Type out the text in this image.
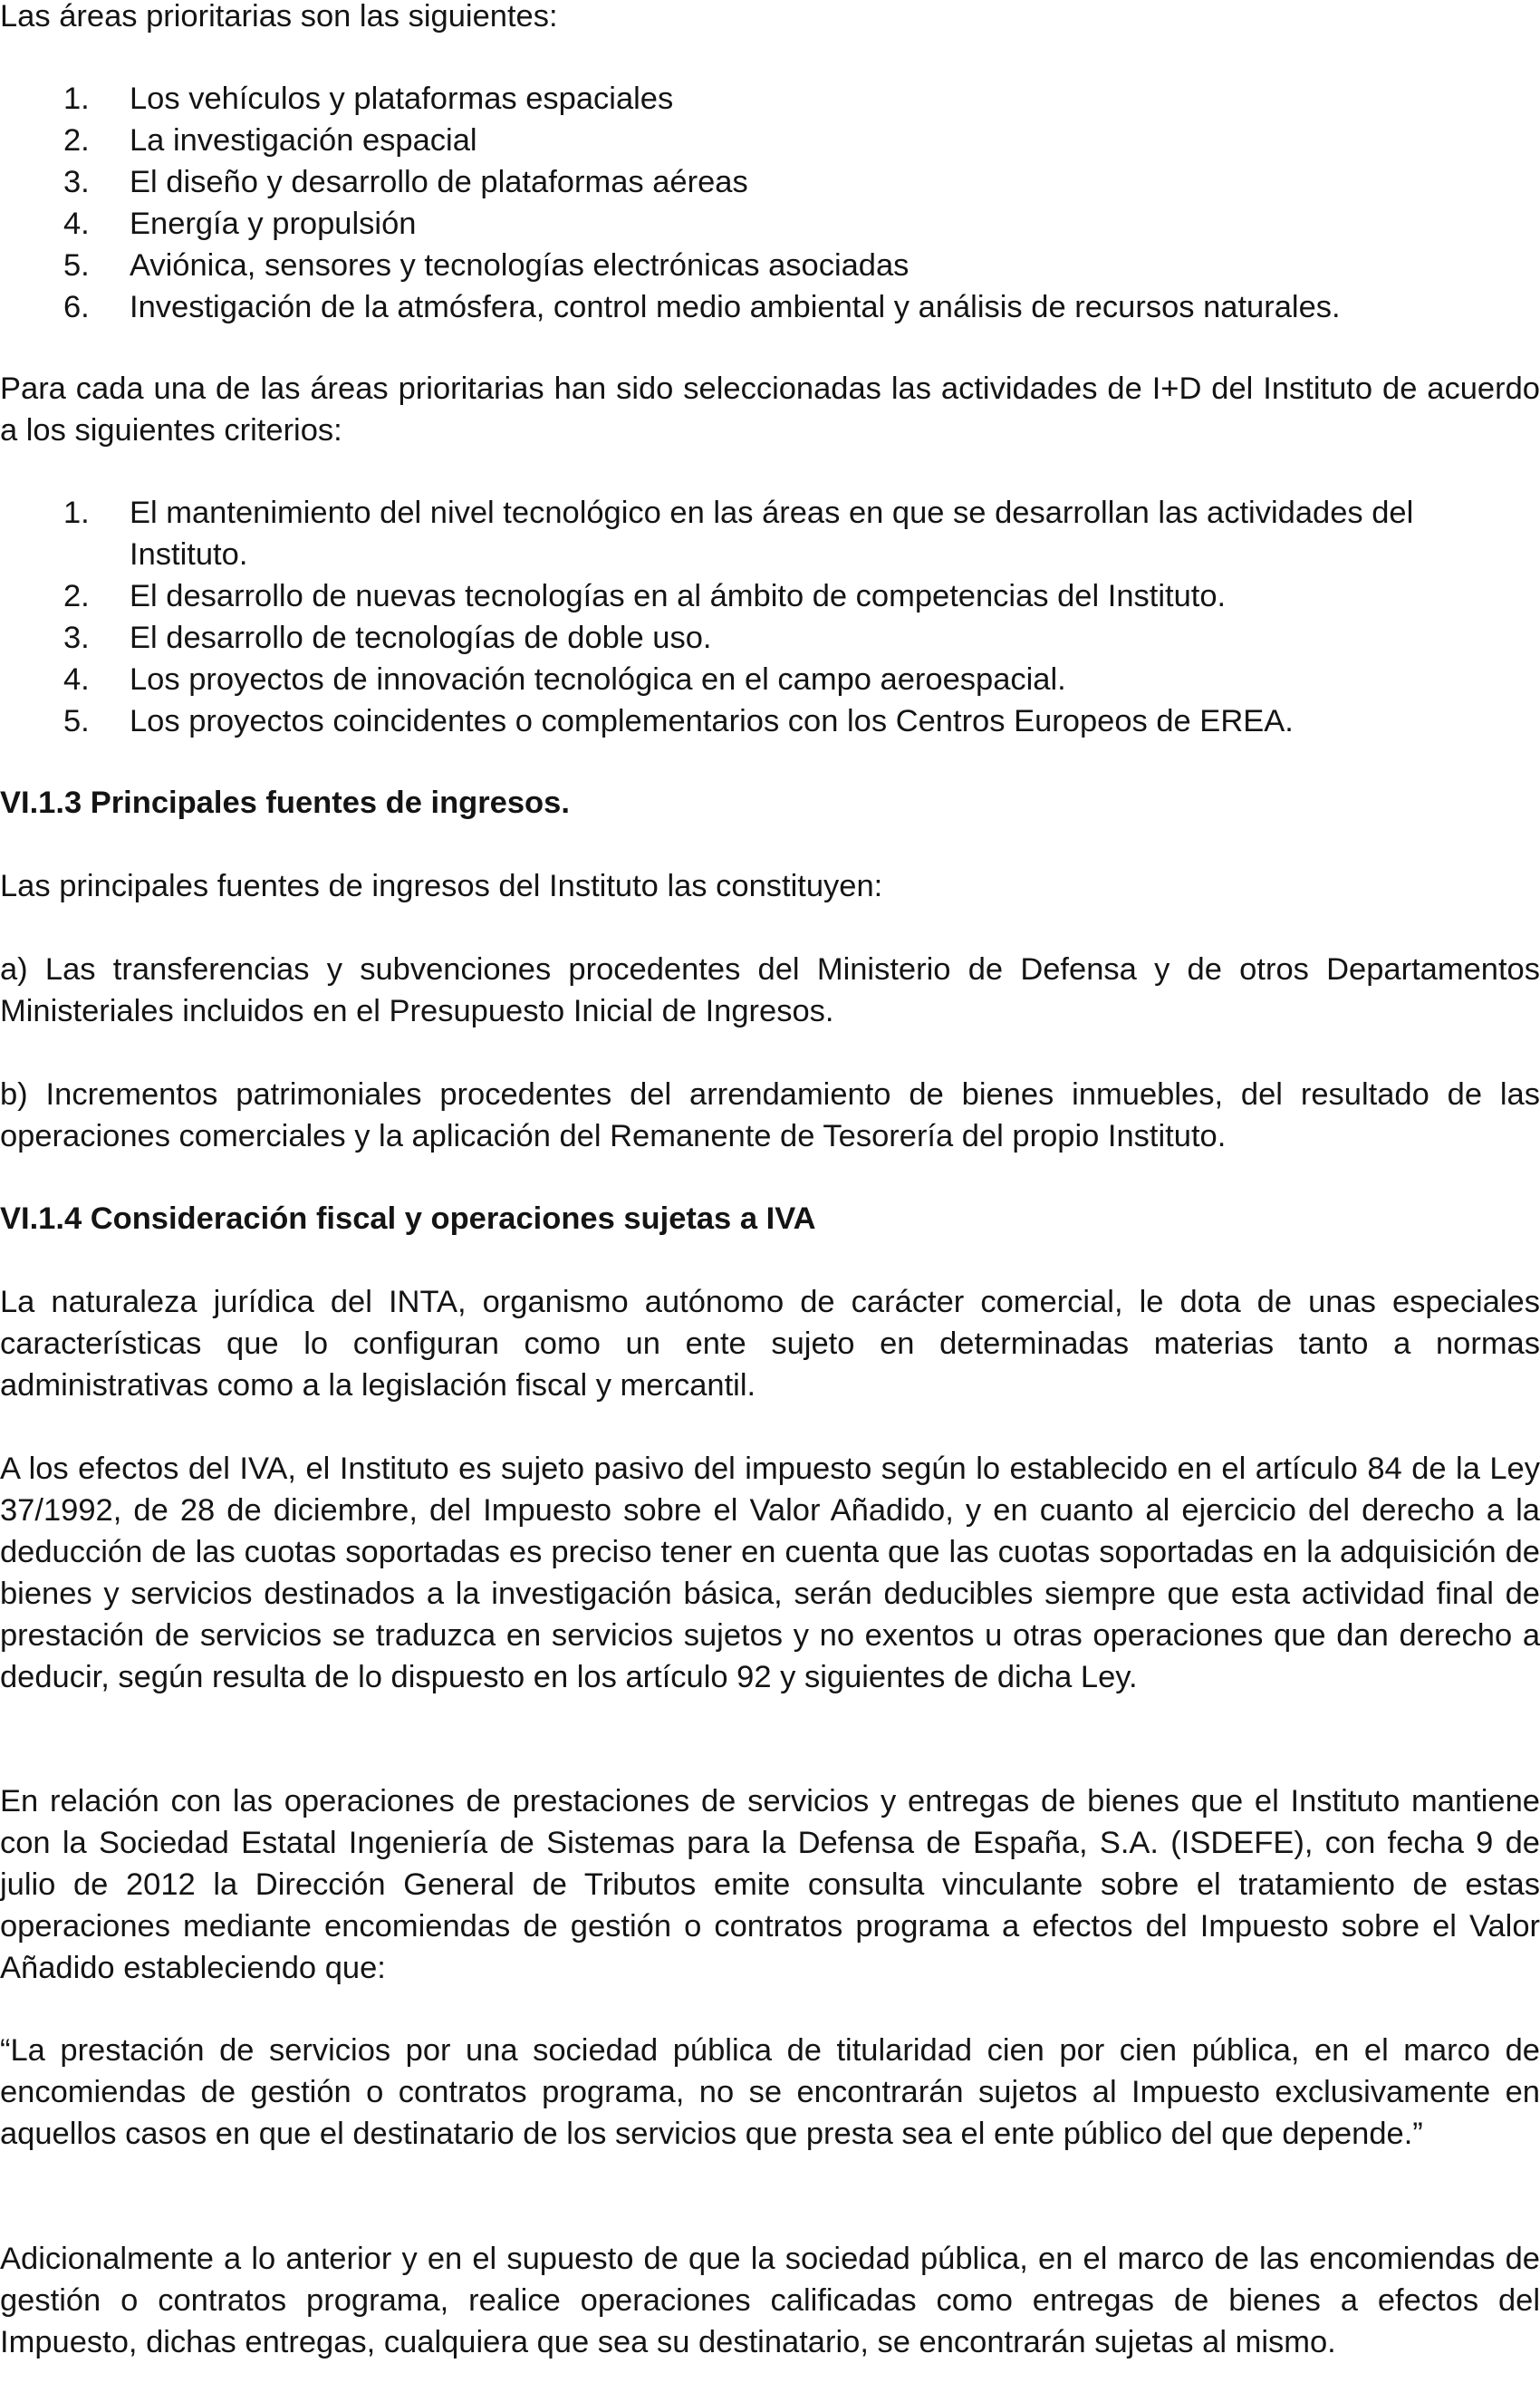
Las áreas prioritarias son las siguientes:

1. Los vehículos y plataformas espaciales
2. La investigación espacial
3. El diseño y desarrollo de plataformas aéreas
4. Energía y propulsión
5. Aviónica, sensores y tecnologías electrónicas asociadas
6. Investigación de la atmósfera, control medio ambiental y análisis de recursos naturales.

Para cada una de las áreas prioritarias han sido seleccionadas las actividades de I+D del Instituto de acuerdo a los siguientes criterios:

1. El mantenimiento del nivel tecnológico en las áreas en que se desarrollan las actividades del Instituto.
2. El desarrollo de nuevas tecnologías en al ámbito de competencias del Instituto.
3. El desarrollo de tecnologías de doble uso.
4. Los proyectos de innovación tecnológica en el campo aeroespacial.
5. Los proyectos coincidentes o complementarios con los Centros Europeos de EREA.
VI.1.3 Principales fuentes de ingresos.

Las principales fuentes de ingresos del Instituto las constituyen:

a) Las transferencias y subvenciones procedentes del Ministerio de Defensa y de otros Departamentos Ministeriales incluidos en el Presupuesto Inicial de Ingresos.

b) Incrementos patrimoniales procedentes del arrendamiento de bienes inmuebles, del resultado de las operaciones comerciales y la aplicación del Remanente de Tesorería del propio Instituto.

VI.1.4 Consideración fiscal y operaciones sujetas a IVA

La naturaleza jurídica del INTA, organismo autónomo de carácter comercial, le dota de unas especiales características que lo configuran como un ente sujeto en determinadas materias tanto a normas administrativas como a la legislación fiscal y mercantil.

A los efectos del IVA, el Instituto es sujeto pasivo del impuesto según lo establecido en el artículo 84 de la Ley 37/1992, de 28 de diciembre, del Impuesto sobre el Valor Añadido, y en cuanto al ejercicio del derecho a la deducción de las cuotas soportadas es preciso tener en cuenta que las cuotas soportadas en la adquisición de bienes y servicios destinados a la investigación básica, serán deducibles siempre que esta actividad final de prestación de servicios se traduzca en servicios sujetos y no exentos u otras operaciones que dan derecho a deducir, según resulta de lo dispuesto en los artículo 92 y siguientes de dicha Ley.

En relación con las operaciones de prestaciones de servicios y entregas de bienes que el Instituto mantiene con la Sociedad Estatal Ingeniería de Sistemas para la Defensa de España, S.A. (ISDEFE), con fecha 9 de julio de 2012 la Dirección General de Tributos emite consulta vinculante sobre el tratamiento de estas operaciones mediante encomiendas de gestión o contratos programa a efectos del Impuesto sobre el Valor Añadido estableciendo que:

“La prestación de servicios por una sociedad pública de titularidad cien por cien pública, en el marco de encomiendas de gestión o contratos programa, no se encontrarán sujetos al Impuesto exclusivamente en aquellos casos en que el destinatario de los servicios que presta sea el ente público del que depende.”

Adicionalmente a lo anterior y en el supuesto de que la sociedad pública, en el marco de las encomiendas de gestión o contratos programa, realice operaciones calificadas como entregas de bienes a efectos del Impuesto, dichas entregas, cualquiera que sea su destinatario, se encontrarán sujetas al mismo.
